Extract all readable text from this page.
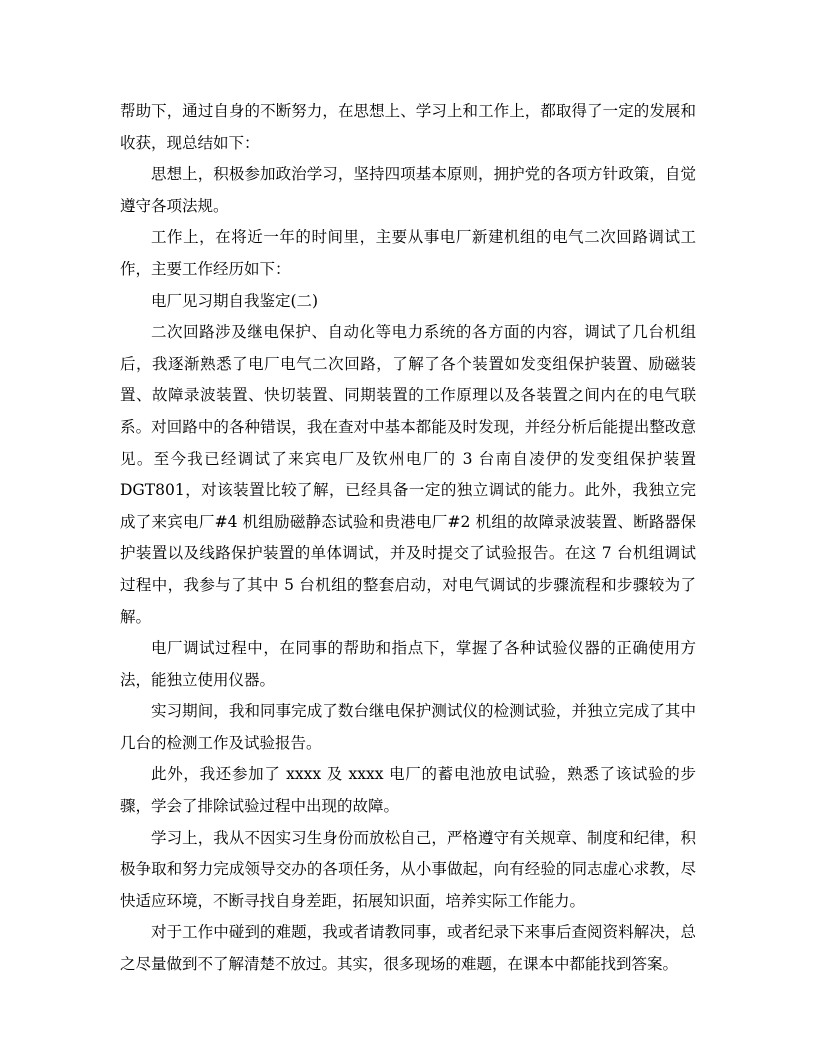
帮助下，通过自身的不断努力，在思想上、学习上和工作上，都取得了一定的发展和收获，现总结如下：

思想上，积极参加政治学习，坚持四项基本原则，拥护党的各项方针政策，自觉遵守各项法规。

工作上，在将近一年的时间里，主要从事电厂新建机组的电气二次回路调试工作，主要工作经历如下：

电厂见习期自我鉴定(二)

二次回路涉及继电保护、自动化等电力系统的各方面的内容，调试了几台机组后，我逐渐熟悉了电厂电气二次回路，了解了各个装置如发变组保护装置、励磁装置、故障录波装置、快切装置、同期装置的工作原理以及各装置之间内在的电气联系。对回路中的各种错误，我在查对中基本都能及时发现，并经分析后能提出整改意见。至今我已经调试了来宾电厂及钦州电厂的 3 台南自凌伊的发变组保护装置 DGT801，对该装置比较了解，已经具备一定的独立调试的能力。此外，我独立完成了来宾电厂#4 机组励磁静态试验和贵港电厂#2 机组的故障录波装置、断路器保护装置以及线路保护装置的单体调试，并及时提交了试验报告。在这 7 台机组调试过程中，我参与了其中 5 台机组的整套启动，对电气调试的步骤流程和步骤较为了解。

电厂调试过程中，在同事的帮助和指点下，掌握了各种试验仪器的正确使用方法，能独立使用仪器。

实习期间，我和同事完成了数台继电保护测试仪的检测试验，并独立完成了其中几台的检测工作及试验报告。

此外，我还参加了 xxxx 及 xxxx 电厂的蓄电池放电试验，熟悉了该试验的步骤，学会了排除试验过程中出现的故障。

学习上，我从不因实习生身份而放松自己，严格遵守有关规章、制度和纪律，积极争取和努力完成领导交办的各项任务，从小事做起，向有经验的同志虚心求教，尽快适应环境，不断寻找自身差距，拓展知识面，培养实际工作能力。

对于工作中碰到的难题，我或者请教同事，或者纪录下来事后查阅资料解决，总之尽量做到不了解清楚不放过。其实，很多现场的难题，在课本中都能找到答案。
